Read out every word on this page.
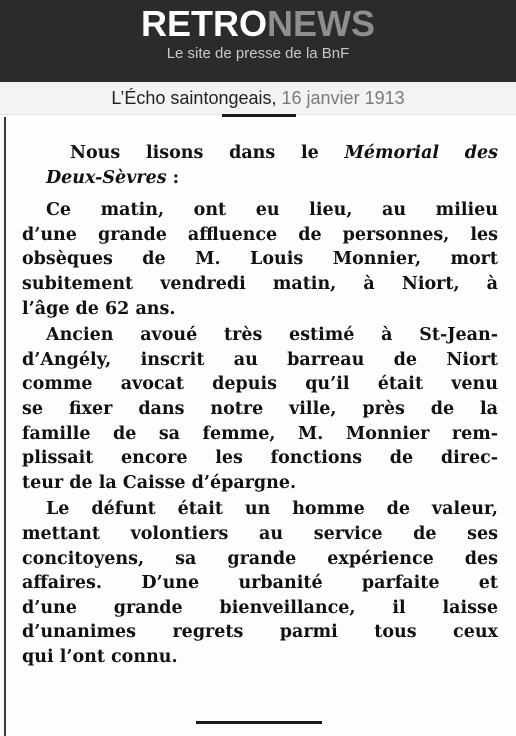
RETRONEWS
Le site de presse de la BnF
L’Écho saintongeais, 16 janvier 1913
Nous lisons dans le Mémorial des
Deux-Sèvres :
Ce matin, ont eu lieu, au milieu
d’une grande affluence de personnes, les
obsèques de M. Louis Monnier, mort
subitement vendredi matin, à Niort, à
l’âge de 62 ans.
Ancien avoué très estimé à St-Jean-
d’Angély, inscrit au barreau de Niort
comme avocat depuis qu’il était venu
se fixer dans notre ville, près de la
famille de sa femme, M. Monnier rem-
plissait encore les fonctions de direc-
teur de la Caisse d’épargne.
Le défunt était un homme de valeur,
mettant volontiers au service de ses
concitoyens, sa grande expérience des
affaires. D’une urbanité parfaite et
d’une grande bienveillance, il laisse
d’unanimes regrets parmi tous ceux
qui l’ont connu.
